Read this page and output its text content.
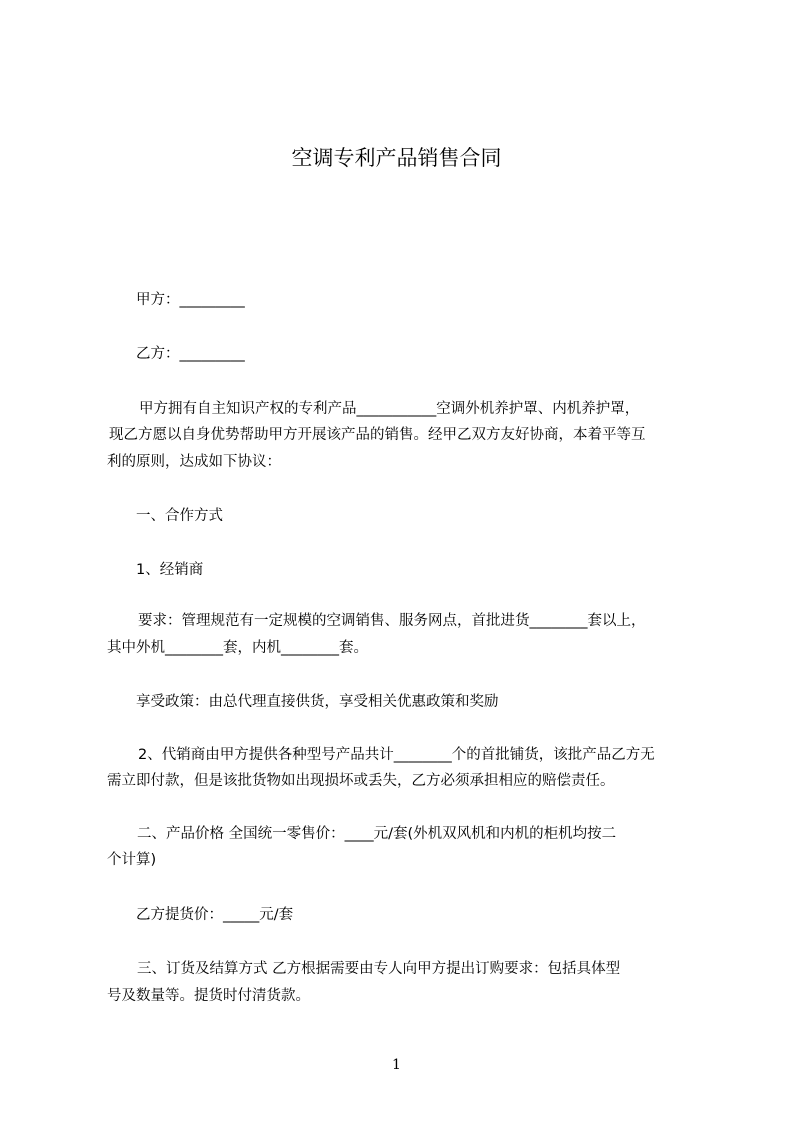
空调专利产品销售合同
甲方：_________
乙方：_________
甲方拥有自主知识产权的专利产品___________空调外机养护罩、内机养护罩，
现乙方愿以自身优势帮助甲方开展该产品的销售。经甲乙双方友好协商，本着平等互
利的原则，达成如下协议：
一、合作方式
1、经销商
要求：管理规范有一定规模的空调销售、服务网点，首批进货________套以上，
其中外机________套，内机________套。
享受政策：由总代理直接供货，享受相关优惠政策和奖励
2、代销商由甲方提供各种型号产品共计________个的首批铺货，该批产品乙方无
需立即付款，但是该批货物如出现损坏或丢失，乙方必须承担相应的赔偿责任。
二、产品价格 全国统一零售价：____元/套(外机双风机和内机的柜机均按二
个计算)
乙方提货价：_____元/套
三、订货及结算方式 乙方根据需要由专人向甲方提出订购要求：包括具体型
号及数量等。提货时付清货款。
1
